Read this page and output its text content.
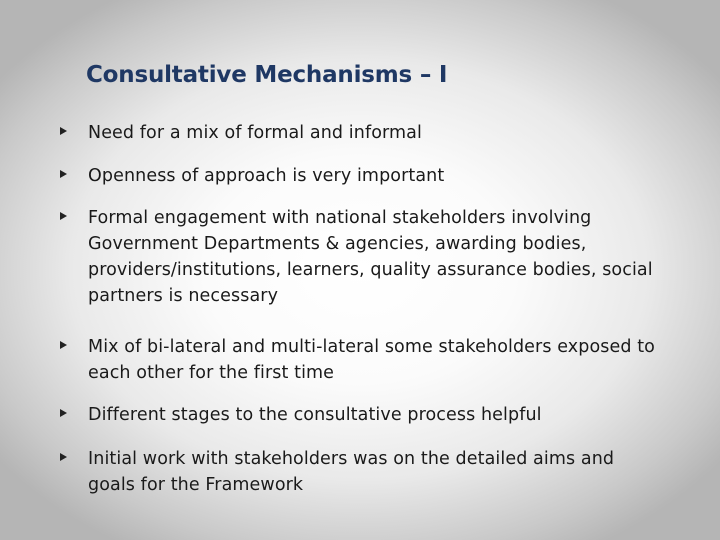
Consultative Mechanisms – I
Need for a mix of formal and informal
Openness of approach is very important
Formal engagement with national stakeholders involving Government Departments & agencies, awarding bodies, providers/institutions, learners, quality assurance bodies, social partners is necessary
Mix of bi-lateral and multi-lateral some stakeholders exposed to each other for the first time
Different stages to the consultative process helpful
Initial work with stakeholders was on the detailed aims and goals for the Framework
